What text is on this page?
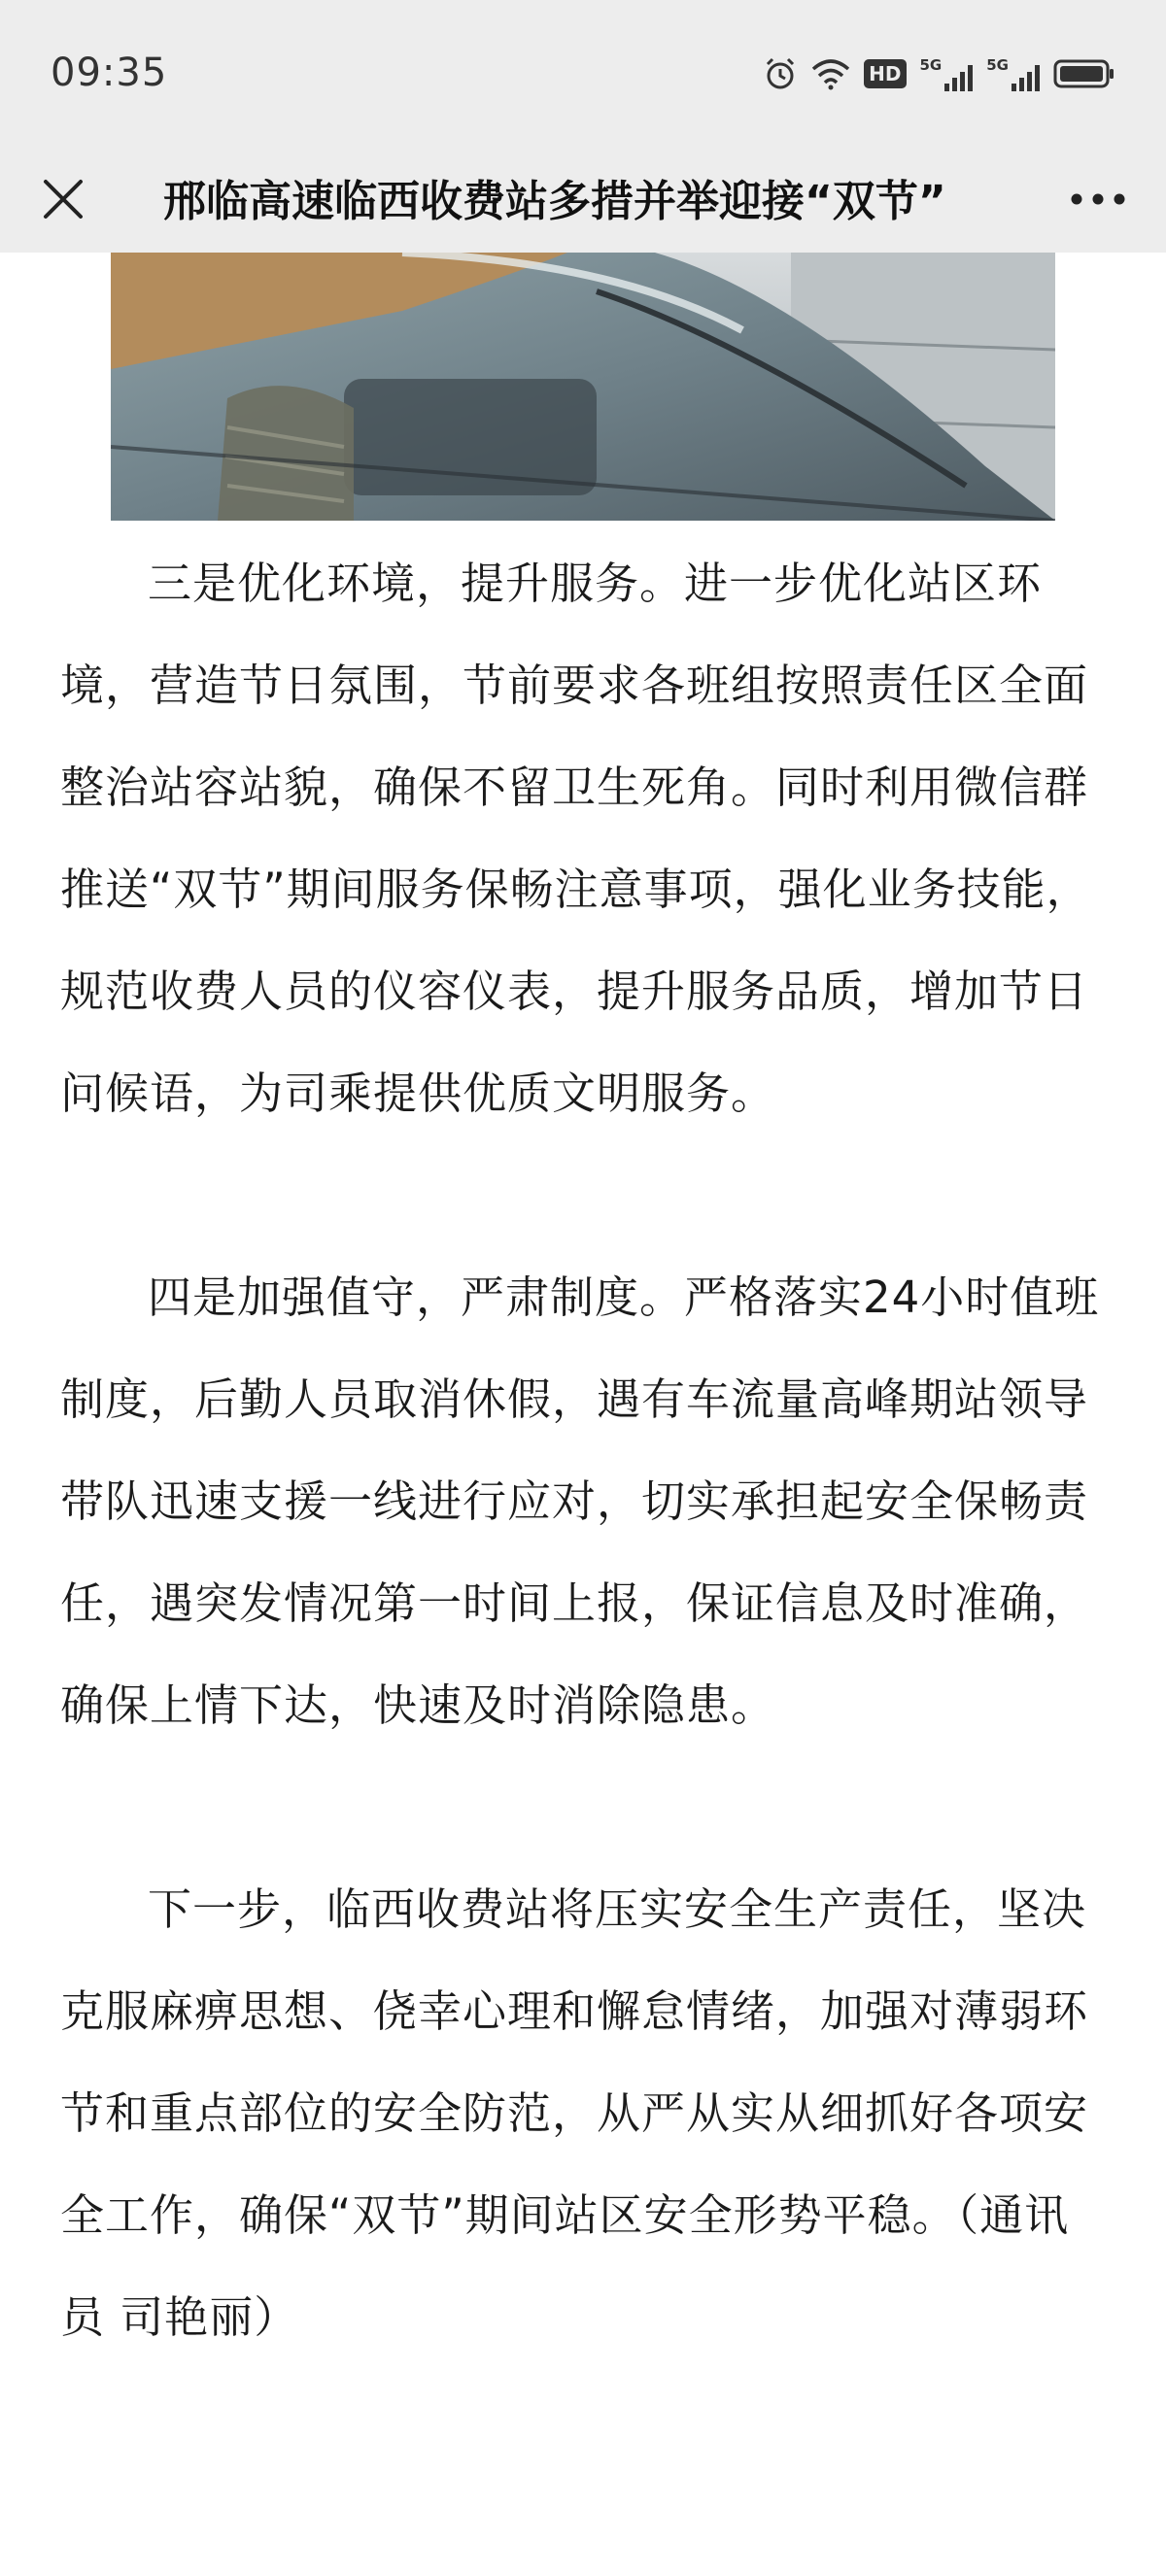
09:35	HD	5G	5G
邢临高速临西收费站多措并举迎接“双节”

三是优化环境，提升服务。进一步优化站区环境，营造节日氛围，节前要求各班组按照责任区全面整治站容站貌，确保不留卫生死角。同时利用微信群推送“双节”期间服务保畅注意事项，强化业务技能，规范收费人员的仪容仪表，提升服务品质，增加节日问候语，为司乘提供优质文明服务。

四是加强值守，严肃制度。严格落实24小时值班制度，后勤人员取消休假，遇有车流量高峰期站领导带队迅速支援一线进行应对，切实承担起安全保畅责任，遇突发情况第一时间上报，保证信息及时准确，确保上情下达，快速及时消除隐患。

下一步，临西收费站将压实安全生产责任，坚决克服麻痹思想、侥幸心理和懈怠情绪，加强对薄弱环节和重点部位的安全防范，从严从实从细抓好各项安全工作，确保“双节”期间站区安全形势平稳。（通讯员 司艳丽）
